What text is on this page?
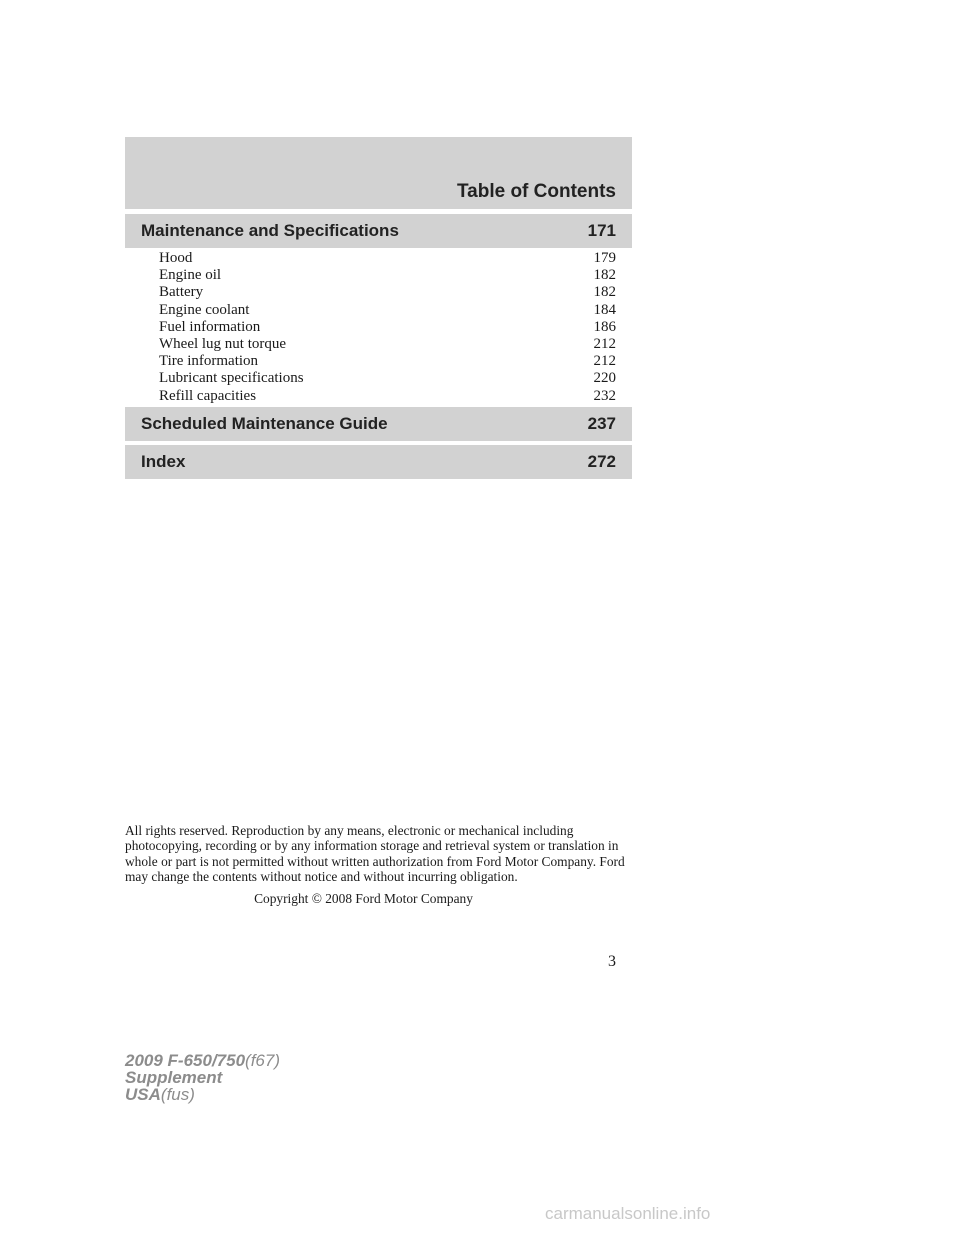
Table of Contents
Maintenance and Specifications	171
Hood	179
Engine oil	182
Battery	182
Engine coolant	184
Fuel information	186
Wheel lug nut torque	212
Tire information	212
Lubricant specifications	220
Refill capacities	232
Scheduled Maintenance Guide	237
Index	272

All rights reserved. Reproduction by any means, electronic or mechanical including photocopying, recording or by any information storage and retrieval system or translation in whole or part is not permitted without written authorization from Ford Motor Company. Ford may change the contents without notice and without incurring obligation.

Copyright © 2008 Ford Motor Company

3
2009 F-650/750(f67)
Supplement
USA(fus)
carmanualsonline.info
